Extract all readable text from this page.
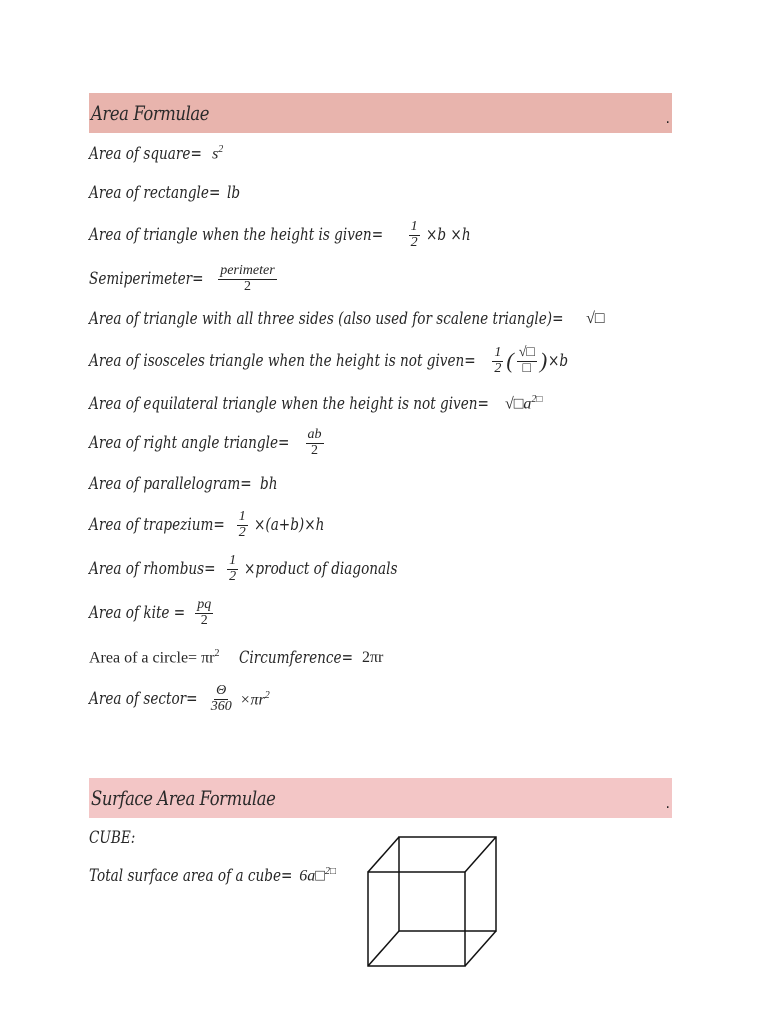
Area Formulae	.
Area of square= $s^2$
Area of rectangle= lb
Area of triangle when the height is given= $\frac{1}{2} \times b \times h$
Semiperimeter= $\frac{\text{perimeter}}{2}$
Area of triangle with all three sides (also used for scalene triangle)= √□
Area of isosceles triangle when the height is not given= $\frac{1}{2}$ ( $\frac{√□}{□}$ ) ×b
Area of equilateral triangle when the height is not given= $√□a^{2□}$
Area of right angle triangle= $\frac{ab}{2}$
Area of parallelogram= bh
Area of trapezium= $\frac{1}{2} \times(a+b)\times h$
Area of rhombus= $\frac{1}{2}$ ×product of diagonals
Area of kite = $\frac{pq}{2}$
Area of a circle= $\pi r^2$ Circumference= 2πr
Area of sector= $\frac{\Theta}{360} \times\pi r^2$
Surface Area Formulae	.
CUBE:
Total surface area of a cube= 6a□$^{2□}$
